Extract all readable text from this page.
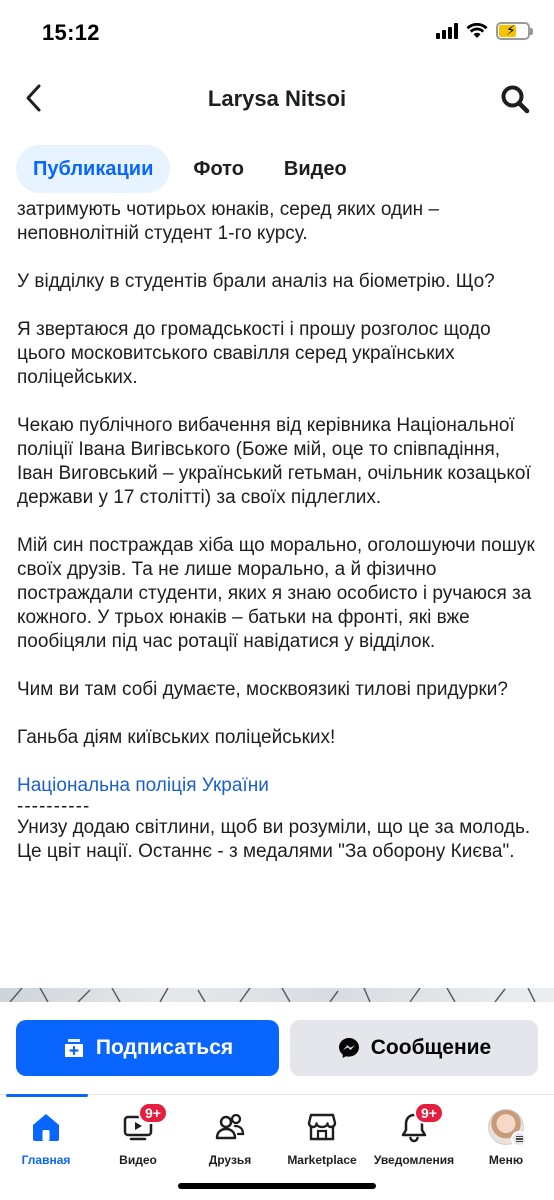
15:12	⚡
Larysa Nitsoi
Публикации	Фото	Видео

затримують чотирьох юнаків, серед яких один – неповнолітній студент 1-го курсу.

У відділку в студентів брали аналіз на біометрію. Що?

Я звертаюся до громадськості і прошу розголос щодо цього московитського свавілля серед українських поліцейських.

Чекаю публічного вибачення від керівника Національної поліції Івана Вигівського (Боже мій, оце то співпадіння, Іван Виговський – український гетьман, очільник козацької держави у 17 столітті) за своїх підлеглих.

Мій син постраждав хіба що морально, оголошуючи пошук своїх друзів. Та не лише морально, а й фізично постраждали студенти, яких я знаю особисто і ручаюся за кожного. У трьох юнаків – батьки на фронті, які вже пообіцяли під час ротації навідатися у відділок.

Чим ви там собі думаєте, москвоязикі тилові придурки?

Ганьба діям київських поліцейських!

Національна поліція України

----------

Унизу додаю світлини, щоб ви розуміли, що це за молодь. Це цвіт нації. Останнє - з медалями "За оборону Києва".

Подписаться	Сообщение
Главная
9+
Видео	Друзья	Marketplace
9+
Уведомления	Меню
